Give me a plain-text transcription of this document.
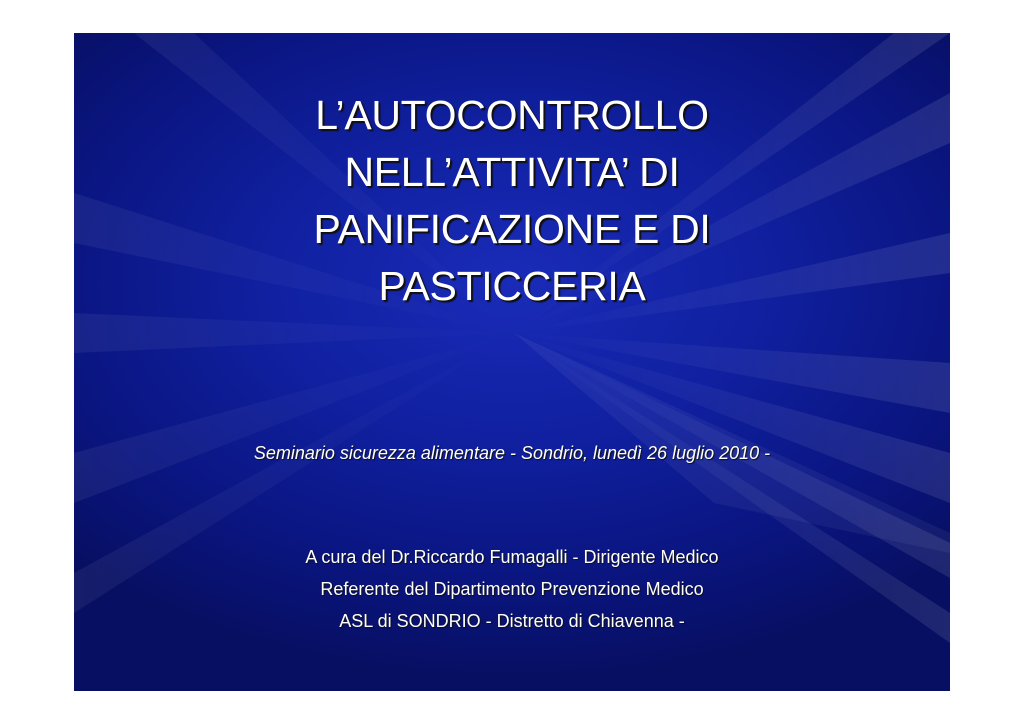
L’AUTOCONTROLLO
NELL’ATTIVITA’ DI
PANIFICAZIONE E DI
PASTICCERIA
Seminario sicurezza alimentare - Sondrio, lunedì 26 luglio 2010 -
A cura del Dr.Riccardo Fumagalli - Dirigente Medico
Referente del Dipartimento Prevenzione Medico
ASL di SONDRIO - Distretto di Chiavenna -
